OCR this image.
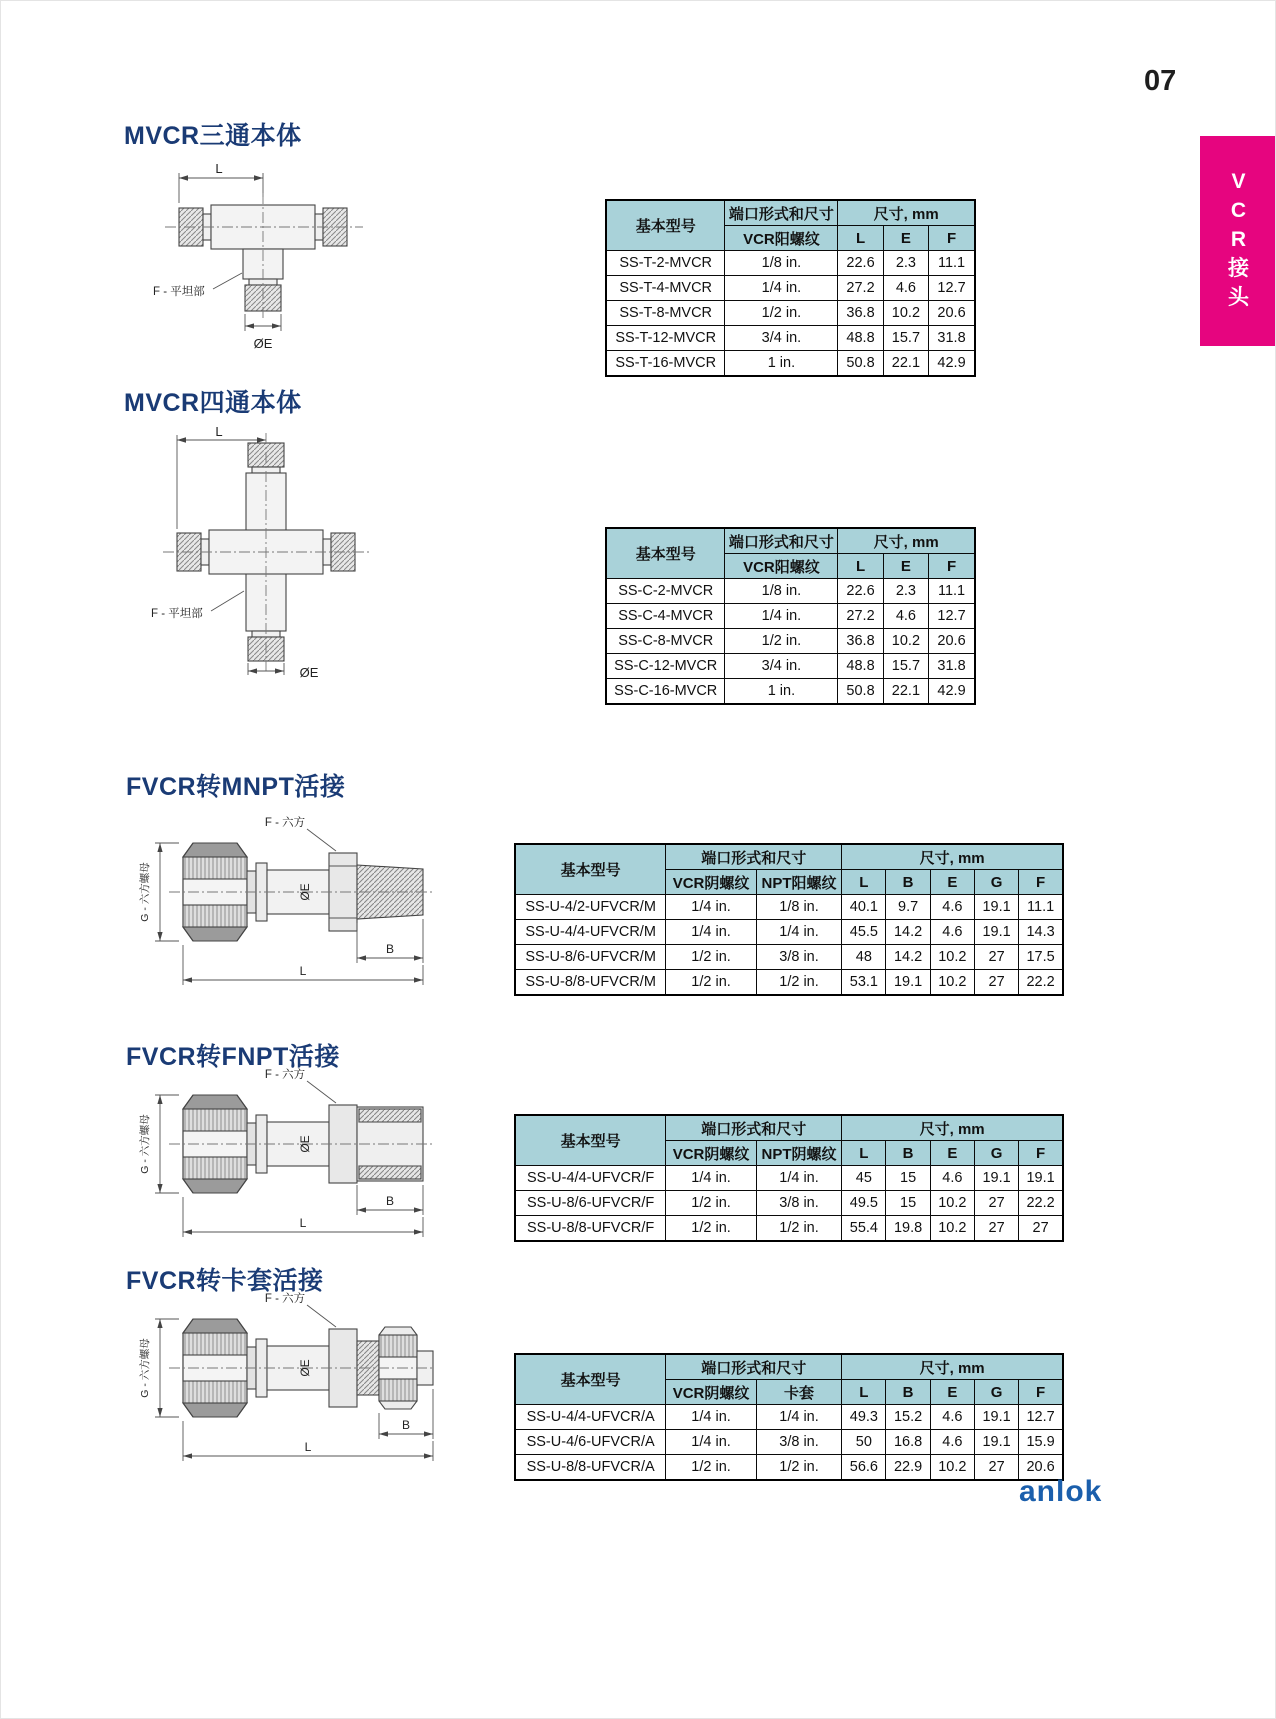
07
V
C
R
接
头
MVCR三通本体
MVCR四通本体
FVCR转MNPT活接
FVCR转FNPT活接
FVCR转卡套活接
L
F - 平坦部
ØE
L
F - 平坦部
ØE
G - 六方螺母
F - 六方
ØE
B
L
G - 六方螺母
F - 六方
ØE
B
L
G - 六方螺母
F - 六方
ØE
B
L
基本型号	端口形式和尺寸	尺寸, mm		
	VCR阳螺纹	L	E	F
SS-T-2-MVCR	1/8 in.	22.6	2.3	11.1
SS-T-4-MVCR	1/4 in.	27.2	4.6	12.7
SS-T-8-MVCR	1/2 in.	36.8	10.2	20.6
SS-T-12-MVCR	3/4 in.	48.8	15.7	31.8
SS-T-16-MVCR	1 in.	50.8	22.1	42.9
基本型号	端口形式和尺寸	尺寸, mm		
	VCR阳螺纹	L	E	F
SS-C-2-MVCR	1/8 in.	22.6	2.3	11.1
SS-C-4-MVCR	1/4 in.	27.2	4.6	12.7
SS-C-8-MVCR	1/2 in.	36.8	10.2	20.6
SS-C-12-MVCR	3/4 in.	48.8	15.7	31.8
SS-C-16-MVCR	1 in.	50.8	22.1	42.9
基本型号	端口形式和尺寸		尺寸, mm				
	VCR阴螺纹	NPT阳螺纹	L	B	E	G	F
SS-U-4/2-UFVCR/M	1/4 in.	1/8 in.	40.1	9.7	4.6	19.1	11.1
SS-U-4/4-UFVCR/M	1/4 in.	1/4 in.	45.5	14.2	4.6	19.1	14.3
SS-U-8/6-UFVCR/M	1/2 in.	3/8 in.	48	14.2	10.2	27	17.5
SS-U-8/8-UFVCR/M	1/2 in.	1/2 in.	53.1	19.1	10.2	27	22.2
基本型号	端口形式和尺寸		尺寸, mm				
	VCR阴螺纹	NPT阴螺纹	L	B	E	G	F
SS-U-4/4-UFVCR/F	1/4 in.	1/4 in.	45	15	4.6	19.1	19.1
SS-U-8/6-UFVCR/F	1/2 in.	3/8 in.	49.5	15	10.2	27	22.2
SS-U-8/8-UFVCR/F	1/2 in.	1/2 in.	55.4	19.8	10.2	27	27
基本型号	端口形式和尺寸		尺寸, mm				
	VCR阴螺纹	卡套	L	B	E	G	F
SS-U-4/4-UFVCR/A	1/4 in.	1/4 in.	49.3	15.2	4.6	19.1	12.7
SS-U-4/6-UFVCR/A	1/4 in.	3/8 in.	50	16.8	4.6	19.1	15.9
SS-U-8/8-UFVCR/A	1/2 in.	1/2 in.	56.6	22.9	10.2	27	20.6
anlok
